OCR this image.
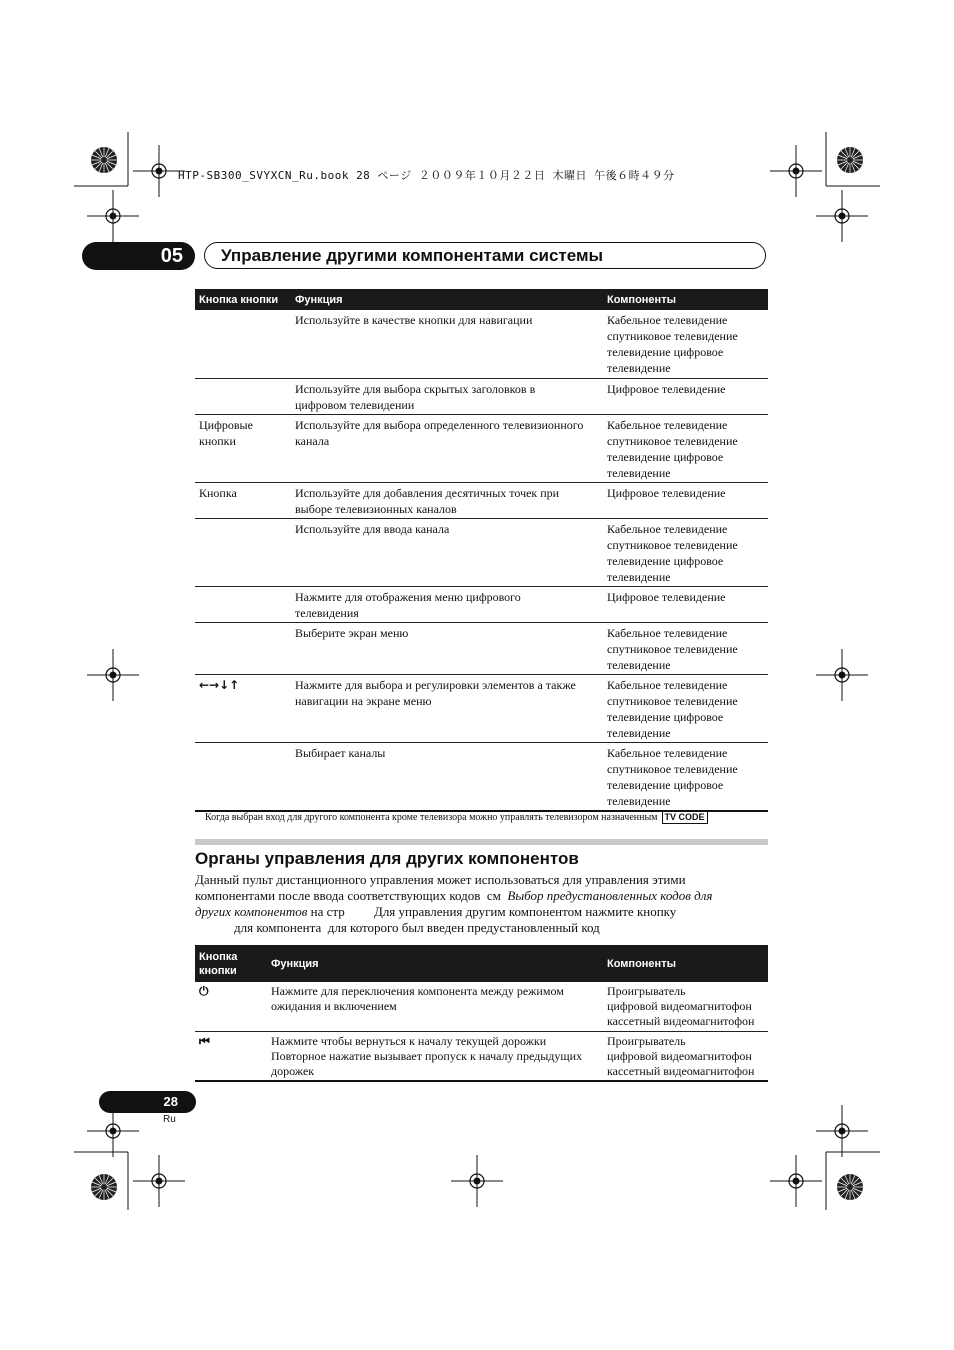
HTP-SB300_SVYXCN_Ru.book 28 ページ ２００９年１０月２２日 木曜日 午後６時４９分
05	Управление другими компонентами системы
Кнопка кнопки	Функция	Компоненты
	Используйте в качестве кнопки для навигации	Кабельное телевидение
спутниковое телевидение
телевидение цифровое
телевидение
	Используйте для выбора скрытых заголовков в
цифровом телевидении	Цифровое телевидение
Цифровые
кнопки	Используйте для выбора определенного телевизионного
канала	Кабельное телевидение
спутниковое телевидение
телевидение цифровое
телевидение
Кнопка	Используйте для добавления десятичных точек при
выборе телевизионных каналов	Цифровое телевидение
	Используйте для ввода канала	Кабельное телевидение
спутниковое телевидение
телевидение цифровое
телевидение
	Нажмите для отображения меню цифрового
телевидения	Цифровое телевидение
	Выберите экран меню	Кабельное телевидение
спутниковое телевидение
телевидение
←→↓↑	Нажмите для выбора и регулировки элементов а также
навигации на экране меню	Кабельное телевидение
спутниковое телевидение
телевидение цифровое
телевидение
	Выбирает каналы	Кабельное телевидение
спутниковое телевидение
телевидение цифровое
телевидение
Когда выбран вход для другого компонента кроме телевизора можно управлять телевизором назначенным TV CODE
Органы управления для других компонентов
Данный пульт дистанционного управления может использоваться для управления этими
компонентами после ввода соответствующих кодов  см  Выбор предустановленных кодов для
других компонентов на стр         Для управления другим компонентом нажмите кнопку
для компонента  для которого был введен предустановленный код
Кнопка
кнопки	Функция	Компоненты
⏻	Нажмите для переключения компонента между режимом
ожидания и включением	Проигрыватель
цифровой видеомагнитофон
кассетный видеомагнитофон
⏮	Нажмите чтобы вернуться к началу текущей дорожки
Повторное нажатие вызывает пропуск к началу предыдущих
дорожек	Проигрыватель
цифровой видеомагнитофон
кассетный видеомагнитофон
28
Ru
